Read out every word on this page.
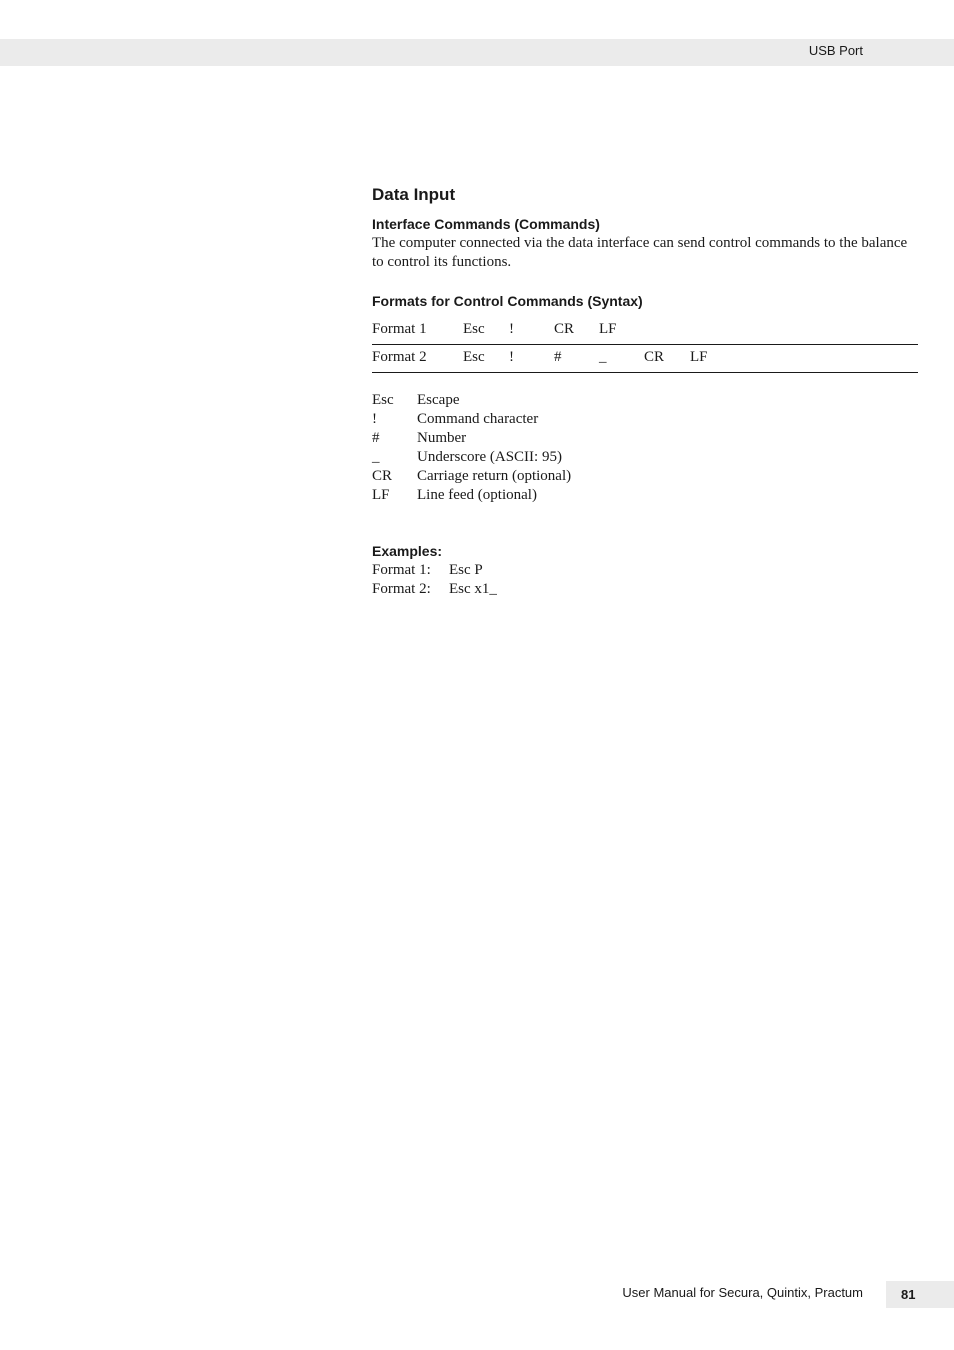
USB Port
Data Input
Interface Commands (Commands)

The computer connected via the data interface can send control commands to the balance to control its functions.

Formats for Control Commands (Syntax)
Format 1 Esc !	CR LF
Format 2 Esc !	#	_	CR LF
Esc Escape
!	Command character
#	Number
_	Underscore (ASCII: 95)
CR Carriage return (optional)
LF Line feed (optional)
Examples:
Format 1: Esc P
Format 2: Esc x1_
User Manual for Secura, Quintix, Practum	81
